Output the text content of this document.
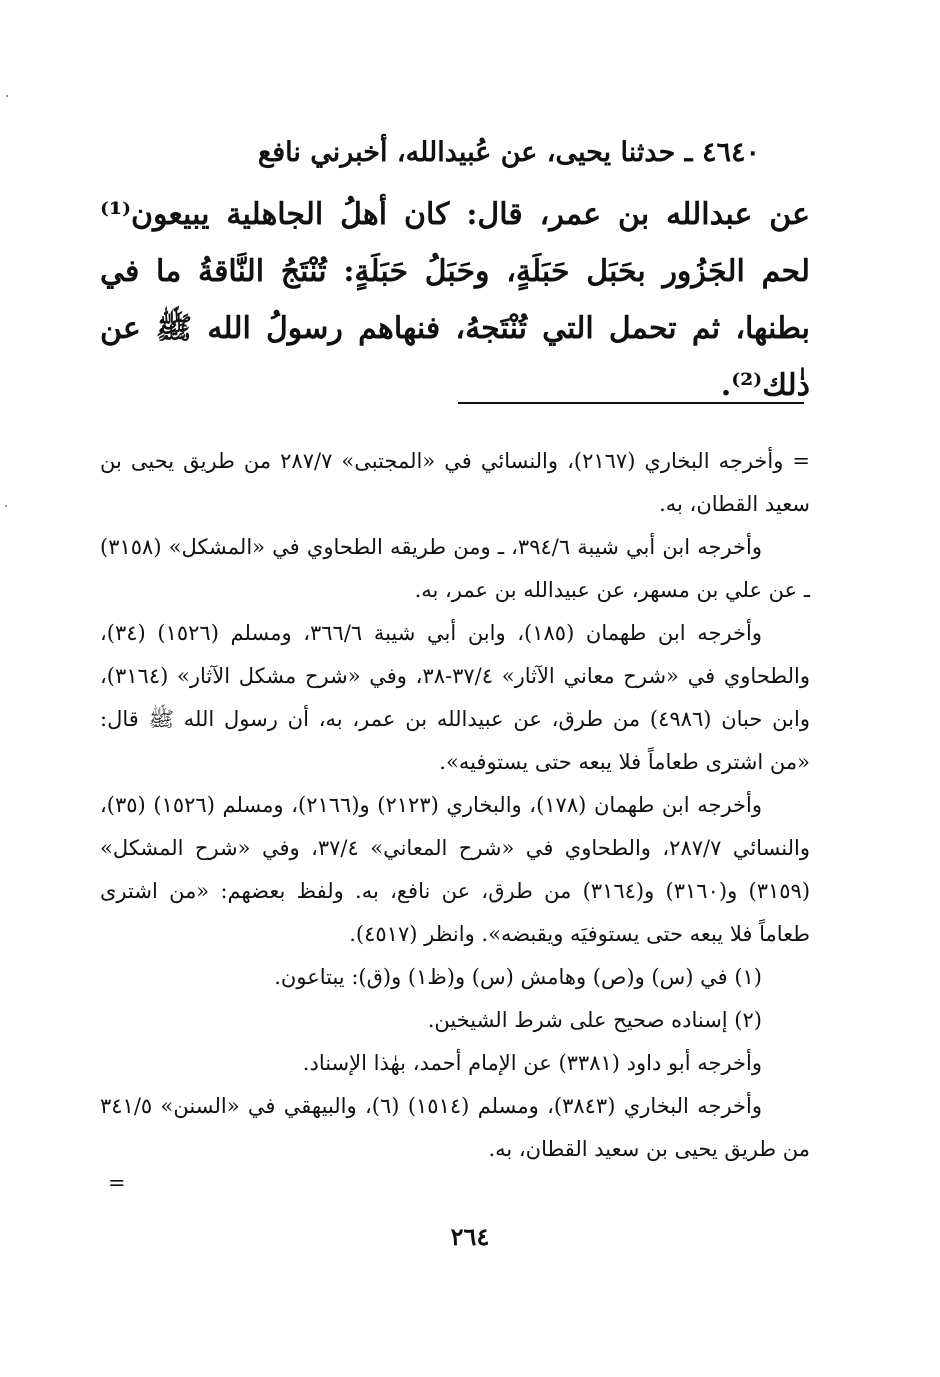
٤٦٤٠ ـ حدثنا يحيى، عن عُبيدالله، أخبرني نافع

عن عبدالله بن عمر، قال: كان أهلُ الجاهلية يبيعون⁽¹⁾ لحم الجَزُور بحَبَل حَبَلَةٍ، وحَبَلُ حَبَلَةٍ: تُنْتَجُ النَّاقةُ ما في بطنها، ثم تحمل التي تُنْتَجهُ، فنهاهم رسولُ الله ﷺ عن ذٰلك⁽²⁾.

= وأخرجه البخاري (٢١٦٧)، والنسائي في «المجتبى» ٢٨٧/٧ من طريق يحيى بن سعيد القطان، به.

وأخرجه ابن أبي شيبة ٣٩٤/٦، ـ ومن طريقه الطحاوي في «المشكل» (٣١٥٨) ـ عن علي بن مسهر، عن عبيدالله بن عمر، به.

وأخرجه ابن طهمان (١٨٥)، وابن أبي شيبة ٣٦٦/٦، ومسلم (١٥٢٦) (٣٤)، والطحاوي في «شرح معاني الآثار» ٣٧/٤-٣٨، وفي «شرح مشكل الآثار» (٣١٦٤)، وابن حبان (٤٩٨٦) من طرق، عن عبيدالله بن عمر، به، أن رسول الله ﷺ قال: «من اشترى طعاماً فلا يبعه حتى يستوفيه».

وأخرجه ابن طهمان (١٧٨)، والبخاري (٢١٢٣) و(٢١٦٦)، ومسلم (١٥٢٦) (٣٥)، والنسائي ٢٨٧/٧، والطحاوي في «شرح المعاني» ٣٧/٤، وفي «شرح المشكل» (٣١٥٩) و(٣١٦٠) و(٣١٦٤) من طرق، عن نافع، به. ولفظ بعضهم: «من اشترى طعاماً فلا يبعه حتى يستوفيَه ويقبضه». وانظر (٤٥١٧).

(١) في (س) و(ص) وهامش (س) و(ظ١) و(ق): يبتاعون.

(٢) إسناده صحيح على شرط الشيخين.

وأخرجه أبو داود (٣٣٨١) عن الإمام أحمد، بهٰذا الإسناد.

وأخرجه البخاري (٣٨٤٣)، ومسلم (١٥١٤) (٦)، والبيهقي في «السنن» ٣٤١/٥ من طريق يحيى بن سعيد القطان، به.

=
٢٦٤
